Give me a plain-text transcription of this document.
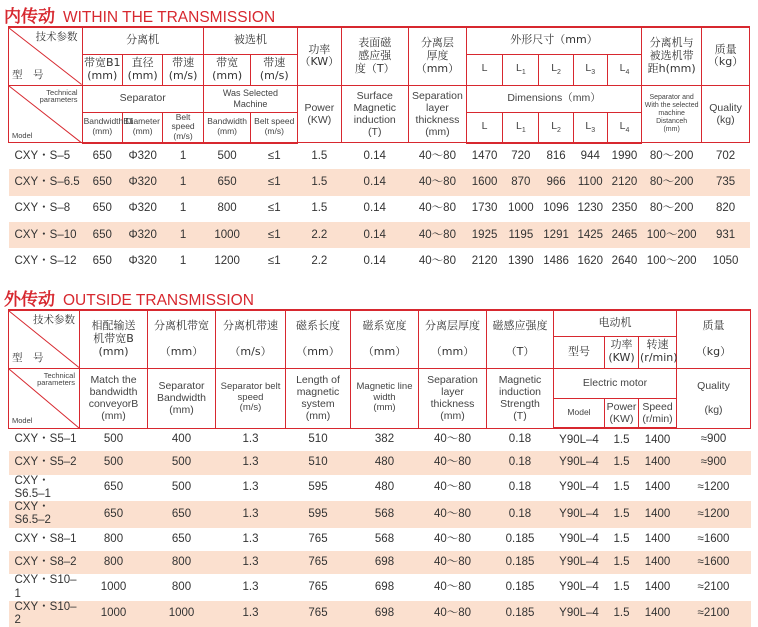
内传动 WITHIN THE TRANSMISSION
技术参数
型　号	分离机			被选机		功率
（KW）	表面磁
感应强
度（T）	分离层
厚度
（mm）	外形尺寸（mm）					分离机与
被选机带
距h(mm)	质量
（kg）
	带宽B1
(mm)	直径
(mm)	带速
(m/s)	带宽
(mm)	带速
(m/s)				L	$L_1$	$L_2$	$L_3$	$L_4$

Technical parameters
Model	Separator			Was Selected Machine		Power
(KW)	Surface
Magnetic
induction
(T)	Separation
layer
thickness
(mm)	Dimensions（mm）					Separator and
With the selected
machine Distanceh
(mm)	Quality
(kg)
	BandwidthB1
(mm)	Diameter
(mm)	Belt speed
(m/s)	Bandwidth
(mm)	Belt speed
(m/s)				L	$L_1$	$L_2$	$L_3$	$L_4$
CXY・S–5	650	Φ320	1	500	≤1	1.5	0.14	40～80	1470	720	816	944	1990	80～200	702
CXY・S–6.5	650	Φ320	1	650	≤1	1.5	0.14	40～80	1600	870	966	1100	2120	80～200	735
CXY・S–8	650	Φ320	1	800	≤1	1.5	0.14	40～80	1730	1000	1096	1230	2350	80～200	820
CXY・S–10	650	Φ320	1	1000	≤1	2.2	0.14	40～80	1925	1195	1291	1425	2465	100～200	931
CXY・S–12	650	Φ320	1	1200	≤1	2.2	0.14	40～80	2120	1390	1486	1620	2640	100～200	1050
外传动 OUTSIDE TRANSMISSION
技术参数
型　号	相配输送
机带宽B
(mm)	分离机带宽

（mm）	分离机带速

（m/s）	磁系长度

（mm）	磁系宽度

（mm）	分离层厚度

（mm）	磁感应强度

（T）	电动机			质量

（kg）
								型号	功率
(KW)	转速
(r/min)	

Technical parameters
Model	Match the
bandwidth
conveyorB
(mm)	Separator
Bandwidth
(mm)	Separator belt
speed
(m/s)	Length of
magnetic
system
(mm)	Magnetic line
width
(mm)	Separation
layer
thickness
(mm)	Magnetic
induction
Strength
(T)	Electric motor			Quality

(kg)
								Model	Power
(KW)	Speed
(r/min)	
CXY・S5–1	500	400	1.3	510	382	40～80	0.18	Y90L–4	1.5	1400	≈900
CXY・S5–2	500	500	1.3	510	480	40～80	0.18	Y90L–4	1.5	1400	≈900
CXY・S6.5–1	650	500	1.3	595	480	40～80	0.18	Y90L–4	1.5	1400	≈1200
CXY・S6.5–2	650	650	1.3	595	568	40～80	0.18	Y90L–4	1.5	1400	≈1200
CXY・S8–1	800	650	1.3	765	568	40～80	0.185	Y90L–4	1.5	1400	≈1600
CXY・S8–2	800	800	1.3	765	698	40～80	0.185	Y90L–4	1.5	1400	≈1600
CXY・S10–1	1000	800	1.3	765	698	40～80	0.185	Y90L–4	1.5	1400	≈2100
CXY・S10–2	1000	1000	1.3	765	698	40～80	0.185	Y90L–4	1.5	1400	≈2100
